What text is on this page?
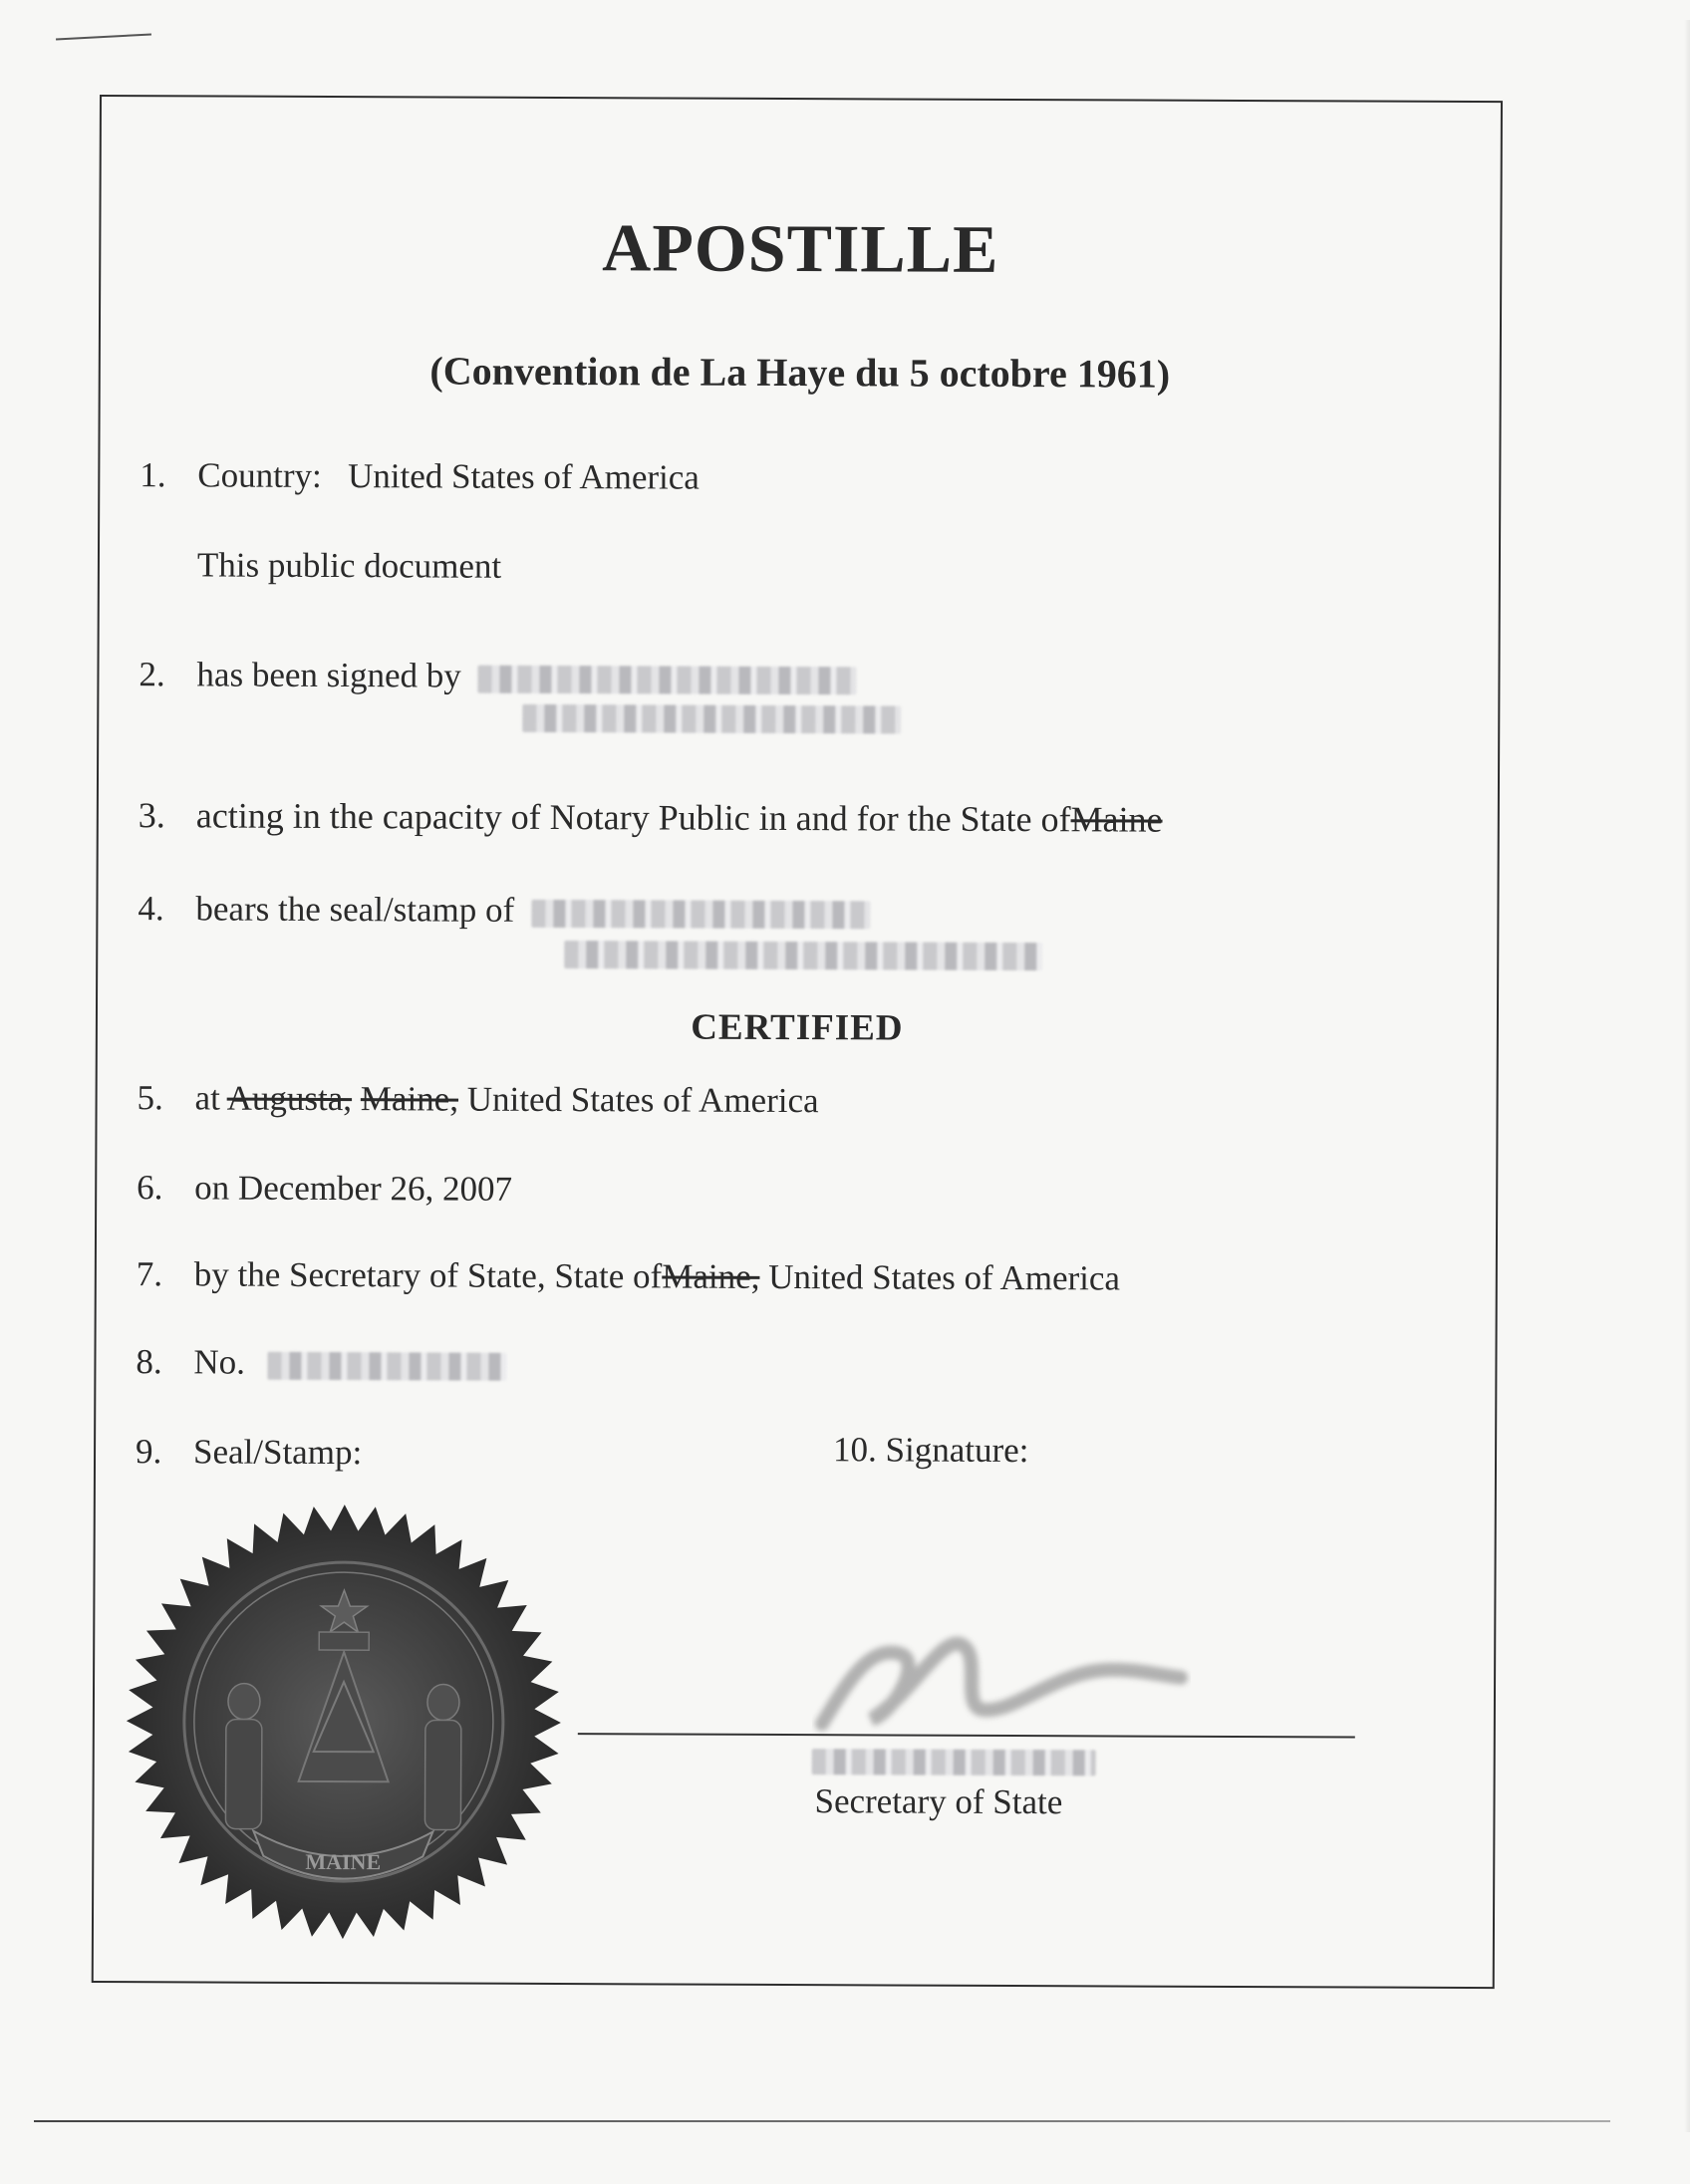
APOSTILLE
(Convention de La Haye du 5 octobre 1961)
1. Country: United States of America
This public document
2. has been signed by
3. acting in the capacity of Notary Public in and for the State ofMaine
4. bears the seal/stamp of
CERTIFIED
5. at Augusta, Maine, United States of America
6. on December 26, 2007
7. by the Secretary of State, State ofMaine, United States of America
8. No.
9. Seal/Stamp:	10. Signature:
MAINE
Secretary of State
